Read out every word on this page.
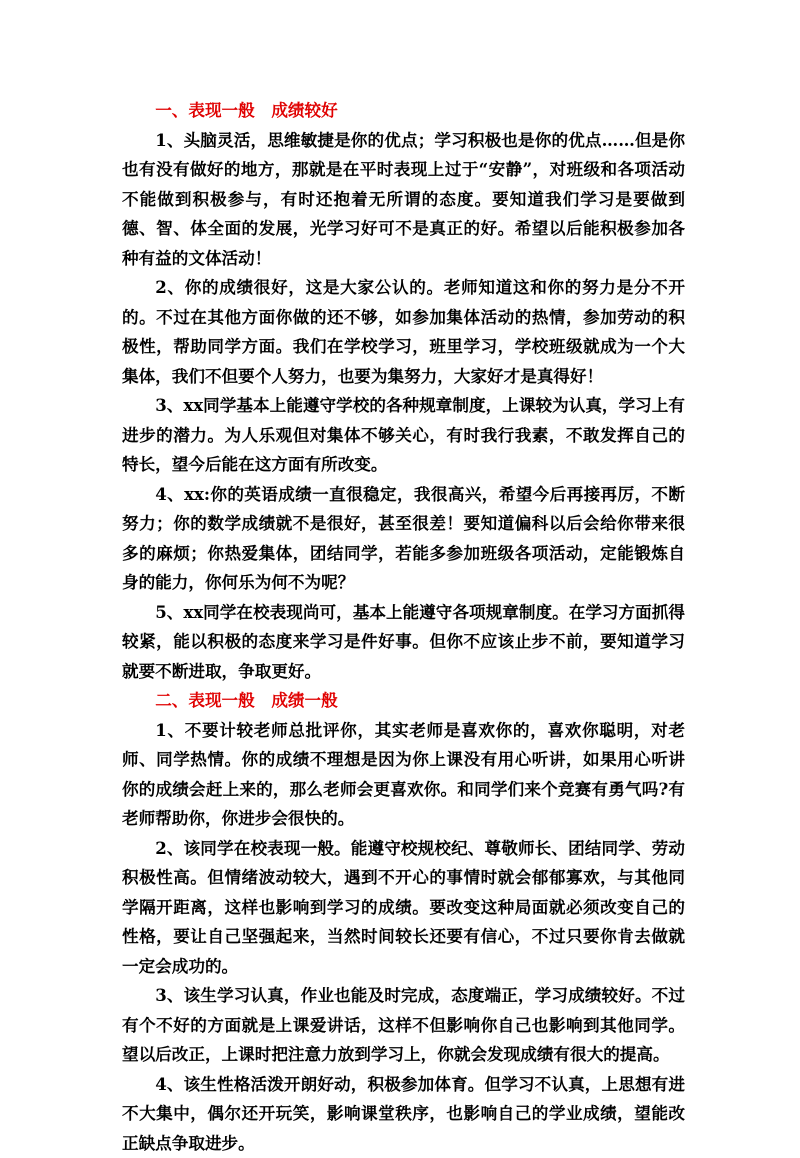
一、表现一般 成绩较好

1、头脑灵活，思维敏捷是你的优点；学习积极也是你的优点……但是你也有没有做好的地方，那就是在平时表现上过于“安静”，对班级和各项活动不能做到积极参与，有时还抱着无所谓的态度。要知道我们学习是要做到德、智、体全面的发展，光学习好可不是真正的好。希望以后能积极参加各种有益的文体活动！

2、你的成绩很好，这是大家公认的。老师知道这和你的努力是分不开的。不过在其他方面你做的还不够，如参加集体活动的热情，参加劳动的积极性，帮助同学方面。我们在学校学习，班里学习，学校班级就成为一个大集体，我们不但要个人努力，也要为集努力，大家好才是真得好！

3、xx同学基本上能遵守学校的各种规章制度，上课较为认真，学习上有进步的潜力。为人乐观但对集体不够关心，有时我行我素，不敢发挥自己的特长，望今后能在这方面有所改变。

4、xx:你的英语成绩一直很稳定，我很高兴，希望今后再接再厉，不断努力；你的数学成绩就不是很好，甚至很差！要知道偏科以后会给你带来很多的麻烦；你热爱集体，团结同学，若能多参加班级各项活动，定能锻炼自身的能力，你何乐为何不为呢？

5、xx同学在校表现尚可，基本上能遵守各项规章制度。在学习方面抓得较紧，能以积极的态度来学习是件好事。但你不应该止步不前，要知道学习就要不断进取，争取更好。

二、表现一般 成绩一般

1、不要计较老师总批评你，其实老师是喜欢你的，喜欢你聪明，对老师、同学热情。你的成绩不理想是因为你上课没有用心听讲，如果用心听讲你的成绩会赶上来的，那么老师会更喜欢你。和同学们来个竞赛有勇气吗?有老师帮助你，你进步会很快的。

2、该同学在校表现一般。能遵守校规校纪、尊敬师长、团结同学、劳动积极性高。但情绪波动较大，遇到不开心的事情时就会郁郁寡欢，与其他同学隔开距离，这样也影响到学习的成绩。要改变这种局面就必须改变自己的性格，要让自己坚强起来，当然时间较长还要有信心，不过只要你肯去做就一定会成功的。

3、该生学习认真，作业也能及时完成，态度端正，学习成绩较好。不过有个不好的方面就是上课爱讲话，这样不但影响你自己也影响到其他同学。望以后改正，上课时把注意力放到学习上，你就会发现成绩有很大的提高。

4、该生性格活泼开朗好动，积极参加体育。但学习不认真，上思想有进不大集中，偶尔还开玩笑，影响课堂秩序，也影响自己的学业成绩，望能改正缺点争取进步。
